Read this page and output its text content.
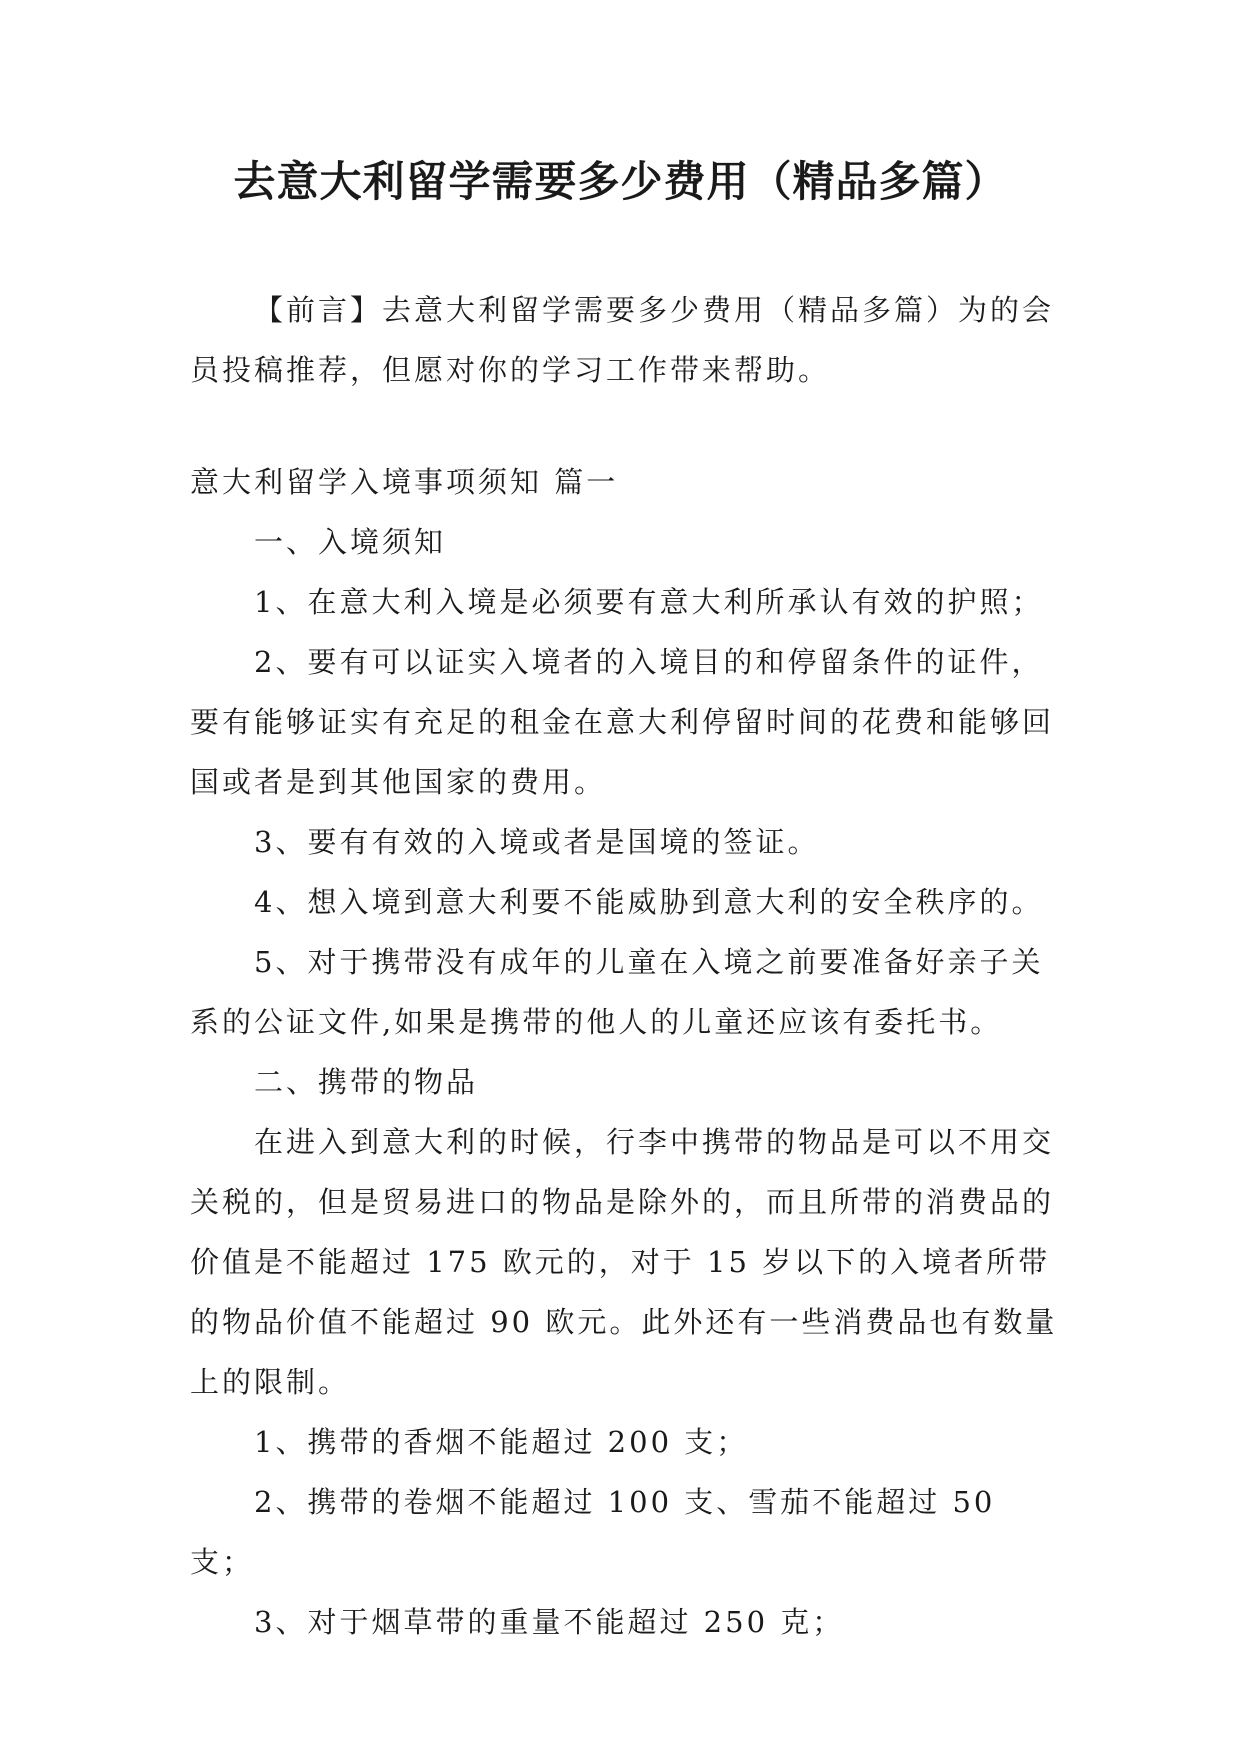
去意大利留学需要多少费用（精品多篇）

【前言】去意大利留学需要多少费用（精品多篇）为的会员投稿推荐，但愿对你的学习工作带来帮助。

意大利留学入境事项须知 篇一

一、入境须知

1、在意大利入境是必须要有意大利所承认有效的护照；

2、要有可以证实入境者的入境目的和停留条件的证件，要有能够证实有充足的租金在意大利停留时间的花费和能够回国或者是到其他国家的费用。

3、要有有效的入境或者是国境的签证。

4、想入境到意大利要不能威胁到意大利的安全秩序的。

5、对于携带没有成年的儿童在入境之前要准备好亲子关系的公证文件,如果是携带的他人的儿童还应该有委托书。

二、携带的物品

在进入到意大利的时候，行李中携带的物品是可以不用交关税的，但是贸易进口的物品是除外的，而且所带的消费品的价值是不能超过 175 欧元的，对于 15 岁以下的入境者所带的物品价值不能超过 90 欧元。此外还有一些消费品也有数量上的限制。

1、携带的香烟不能超过 200 支；

2、携带的卷烟不能超过 100 支、雪茄不能超过 50 支；

3、对于烟草带的重量不能超过 250 克；
